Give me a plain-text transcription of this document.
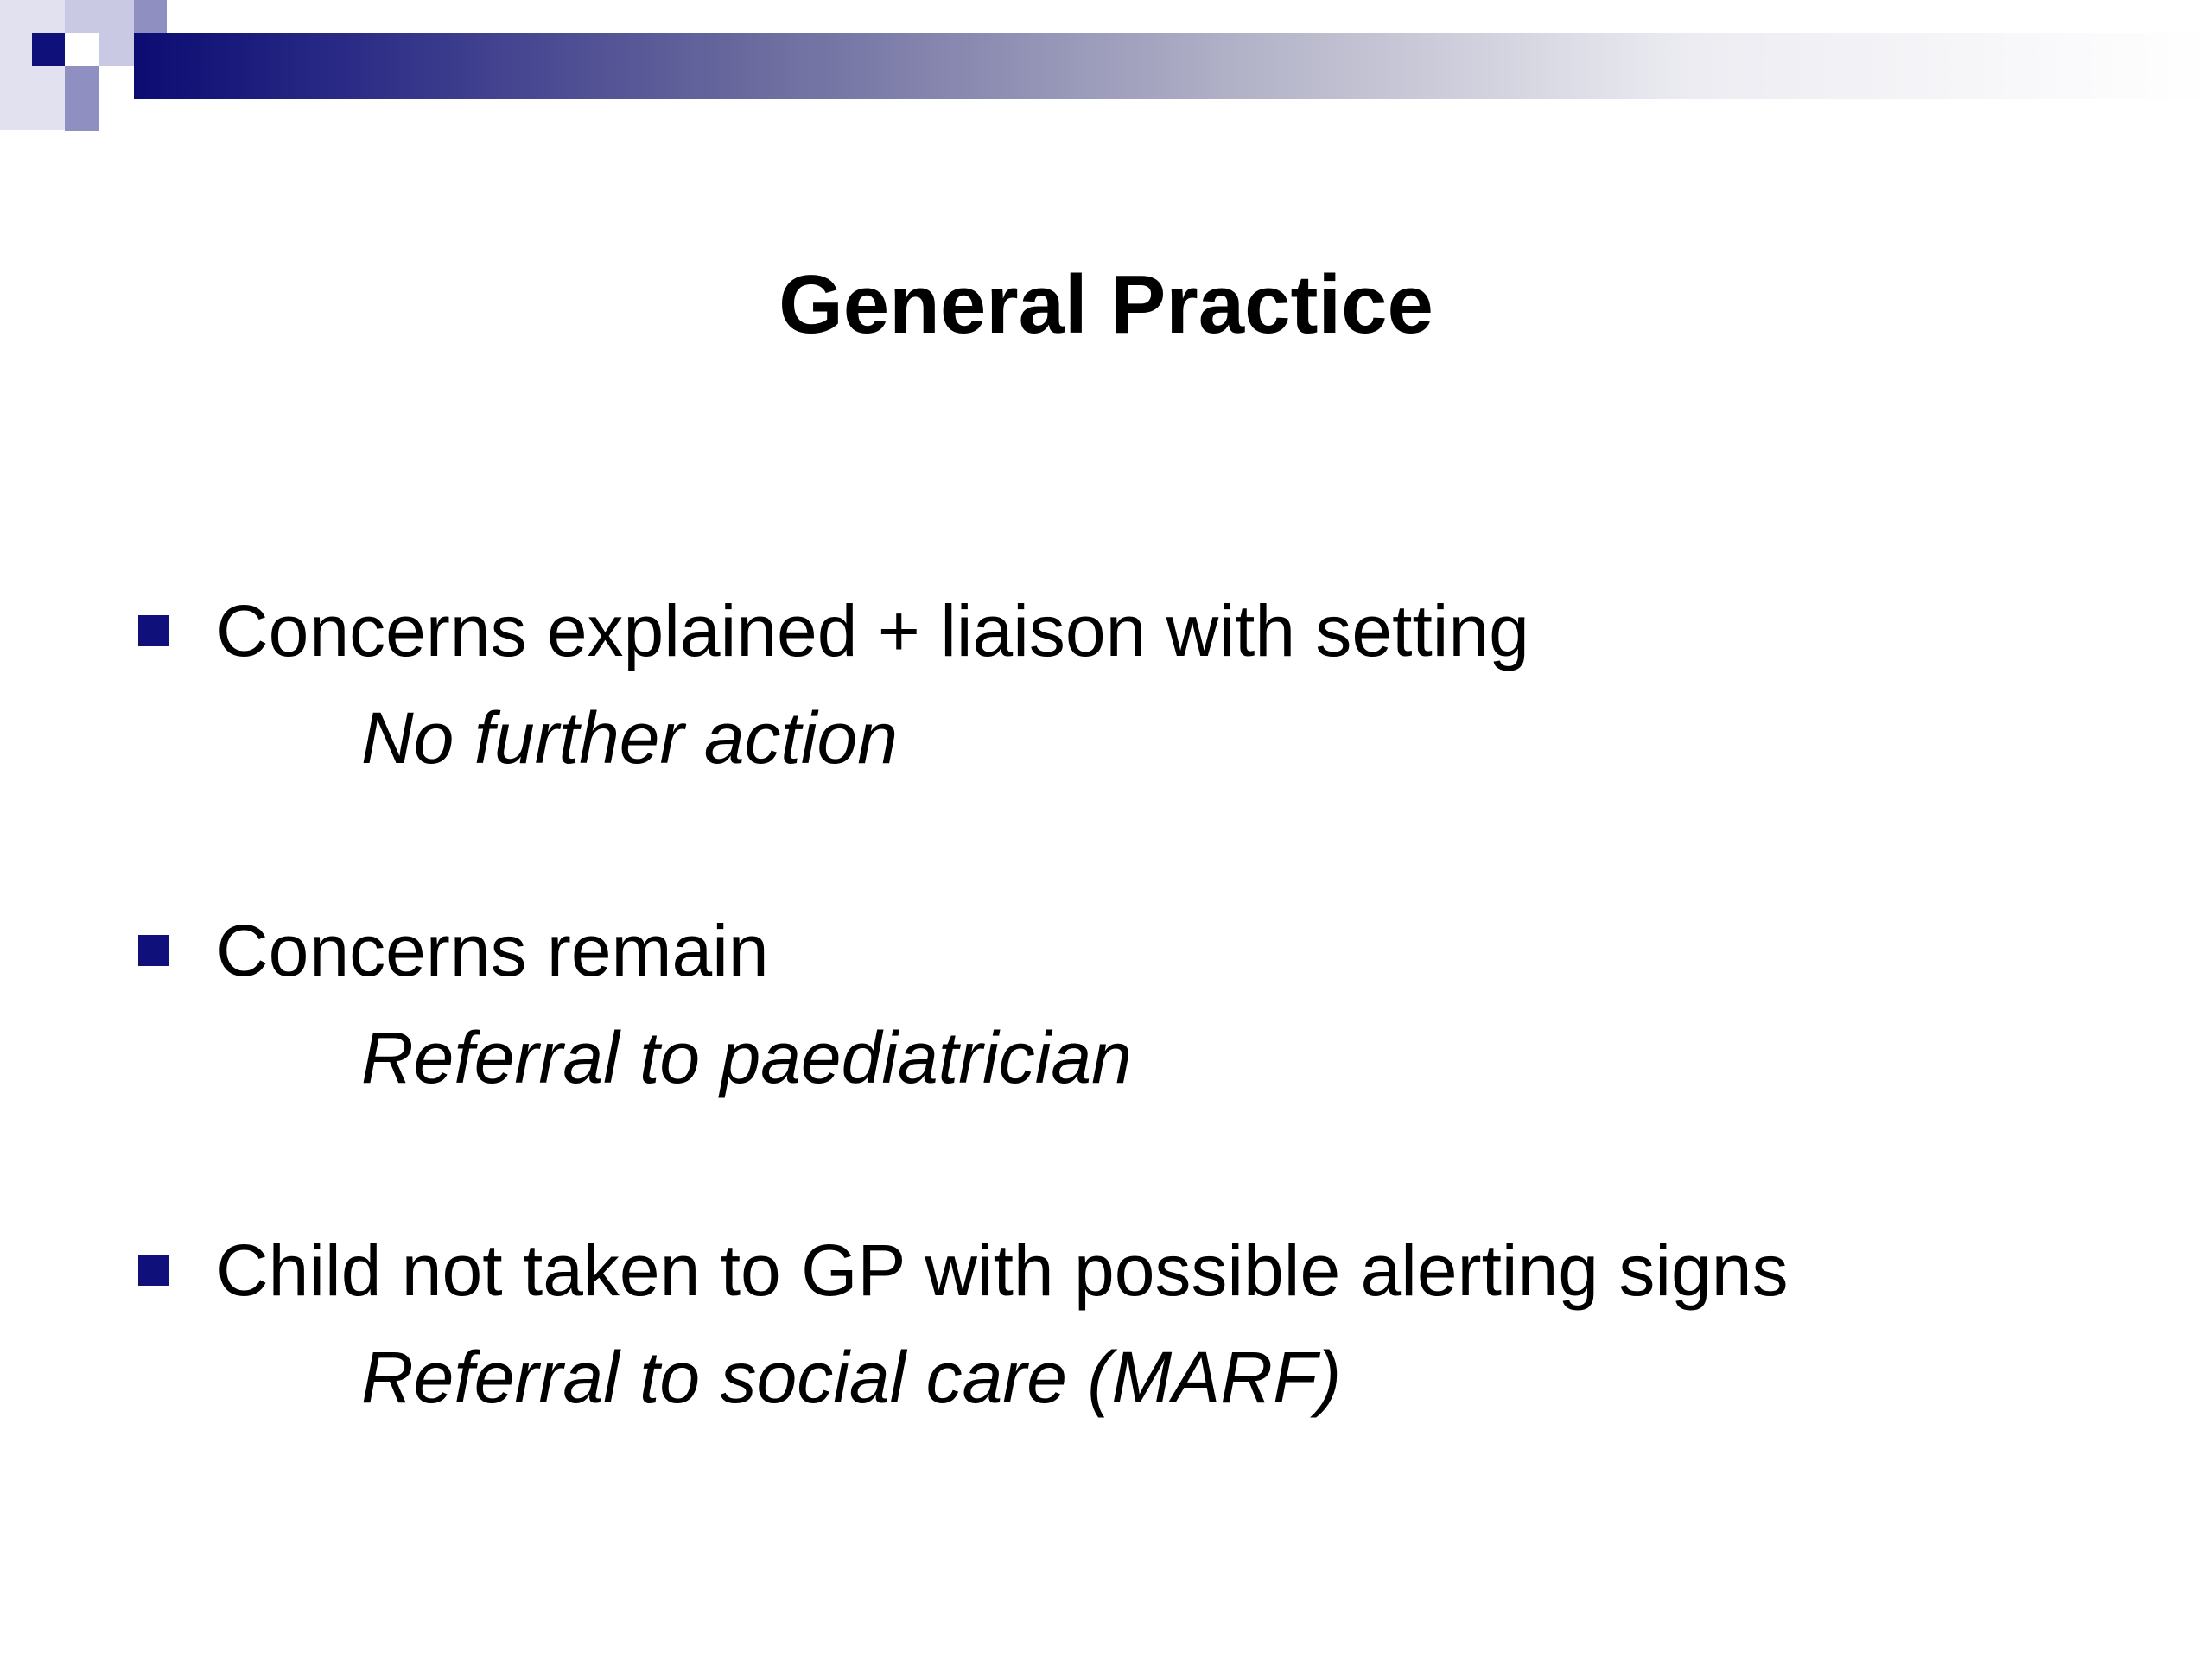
General Practice
Concerns explained + liaison with setting
No further action
Concerns remain
Referral to paediatrician
Child not taken to GP with possible alerting signs
Referral to social care (MARF)
